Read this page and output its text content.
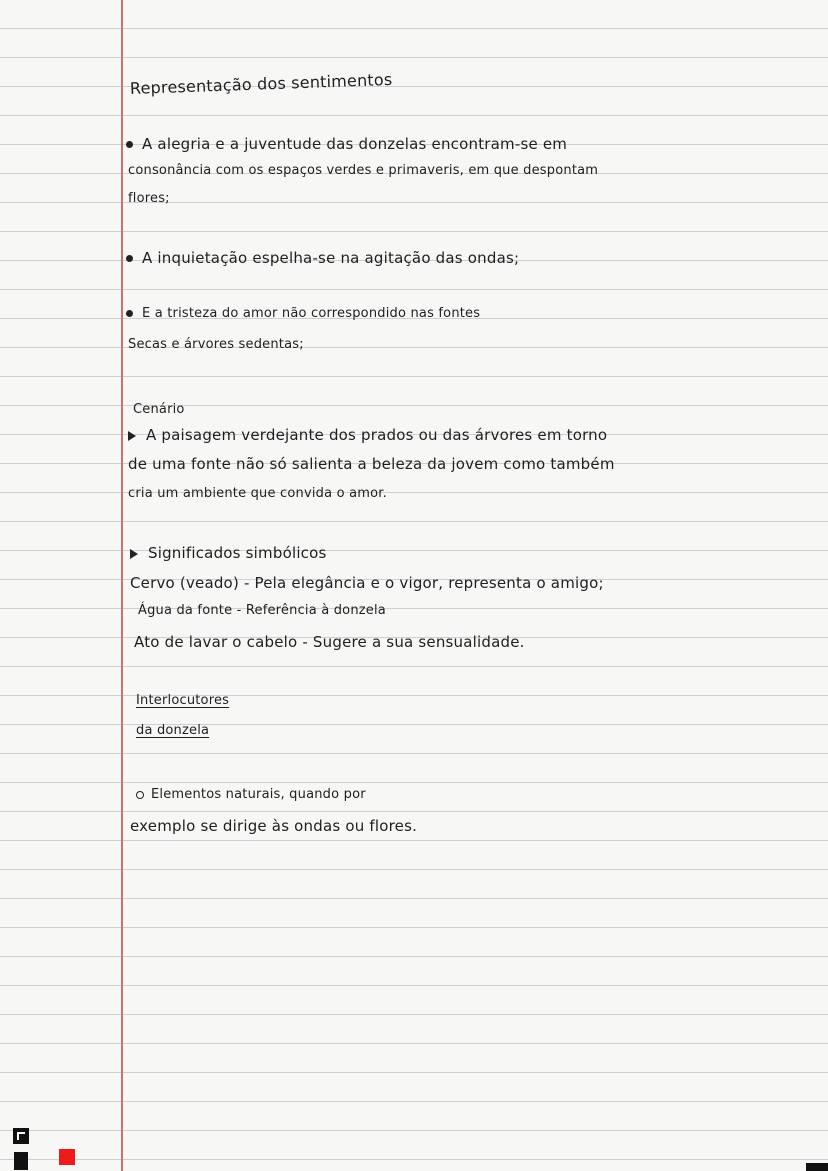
Representação dos sentimentos
A alegria e a juventude das donzelas encontram-se em
consonância com os espaços verdes e primaveris, em que despontam
flores;
A inquietação espelha-se na agitação das ondas;
E a tristeza do amor não correspondido nas fontes
Secas e árvores sedentas;
Cenário
A paisagem verdejante dos prados ou das árvores em torno
de uma fonte não só salienta a beleza da jovem como também
cria um ambiente que convida o amor.
Significados simbólicos
Cervo (veado) - Pela elegância e o vigor, representa o amigo;
Água da fonte - Referência à donzela
Ato de lavar o cabelo - Sugere a sua sensualidade.
Interlocutores
da donzela
Elementos naturais, quando por
exemplo se dirige às ondas ou flores.
